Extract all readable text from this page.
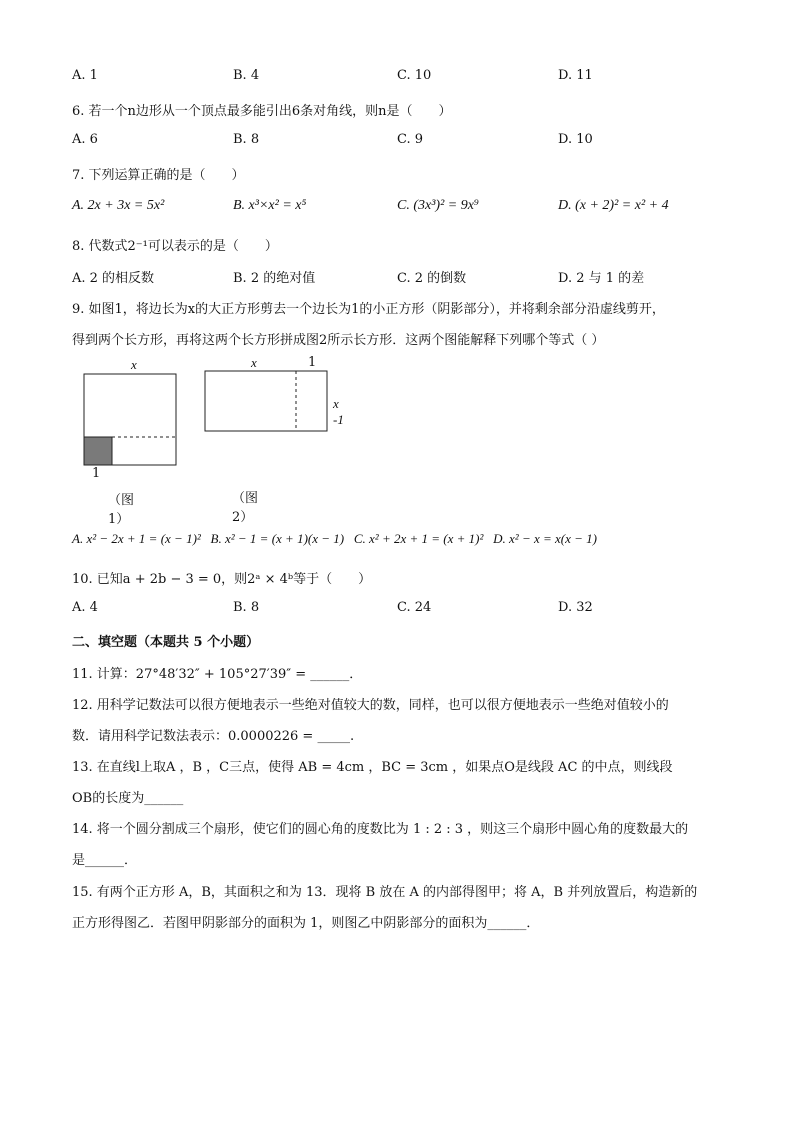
A. 1	B. 4	C. 10	D. 11
6. 若一个n边形从一个顶点最多能引出6条对角线，则n是（　　）
A. 6	B. 8	C. 9	D. 10
7. 下列运算正确的是（　　）
A. 2x + 3x = 5x²	B. x³×x² = x⁵	C. (3x³)² = 9x⁹	D. (x + 2)² = x² + 4
8. 代数式2⁻¹可以表示的是（　　）
A. 2 的相反数	B. 2 的绝对值	C. 2 的倒数	D. 2 与 1 的差
9. 如图1，将边长为x的大正方形剪去一个边长为1的小正方形（阴影部分），并将剩余部分沿虚线剪开，
得到两个长方形，再将这两个长方形拼成图2所示长方形．这两个图能解释下列哪个等式（ ）
x
1
（图 1）
x	1
x -1
（图 2）
A. x² − 2x + 1 = (x − 1)²  B. x² − 1 = (x + 1)(x − 1)  C. x² + 2x + 1 = (x + 1)²  D. x² − x = x(x − 1)
10. 已知a + 2b − 3 = 0，则2ᵃ × 4ᵇ等于（　　）
A. 4	B. 8	C. 24	D. 32
二、填空题（本题共 5 个小题）
11. 计算：27°48′32″ + 105°27′39″ = ______．
12. 用科学记数法可以很方便地表示一些绝对值较大的数，同样，也可以很方便地表示一些绝对值较小的
数．请用科学记数法表示：0.0000226 = _____.
13. 在直线l上取A ，B ，C三点，使得 AB = 4cm ，BC = 3cm ，如果点O是线段 AC 的中点，则线段
OB的长度为______
14. 将一个圆分割成三个扇形，使它们的圆心角的度数比为 1 : 2 : 3 ，则这三个扇形中圆心角的度数最大的
是______．
15. 有两个正方形 A，B，其面积之和为 13．现将 B 放在 A 的内部得图甲；将 A，B 并列放置后，构造新的
正方形得图乙．若图甲阴影部分的面积为 1，则图乙中阴影部分的面积为______．
